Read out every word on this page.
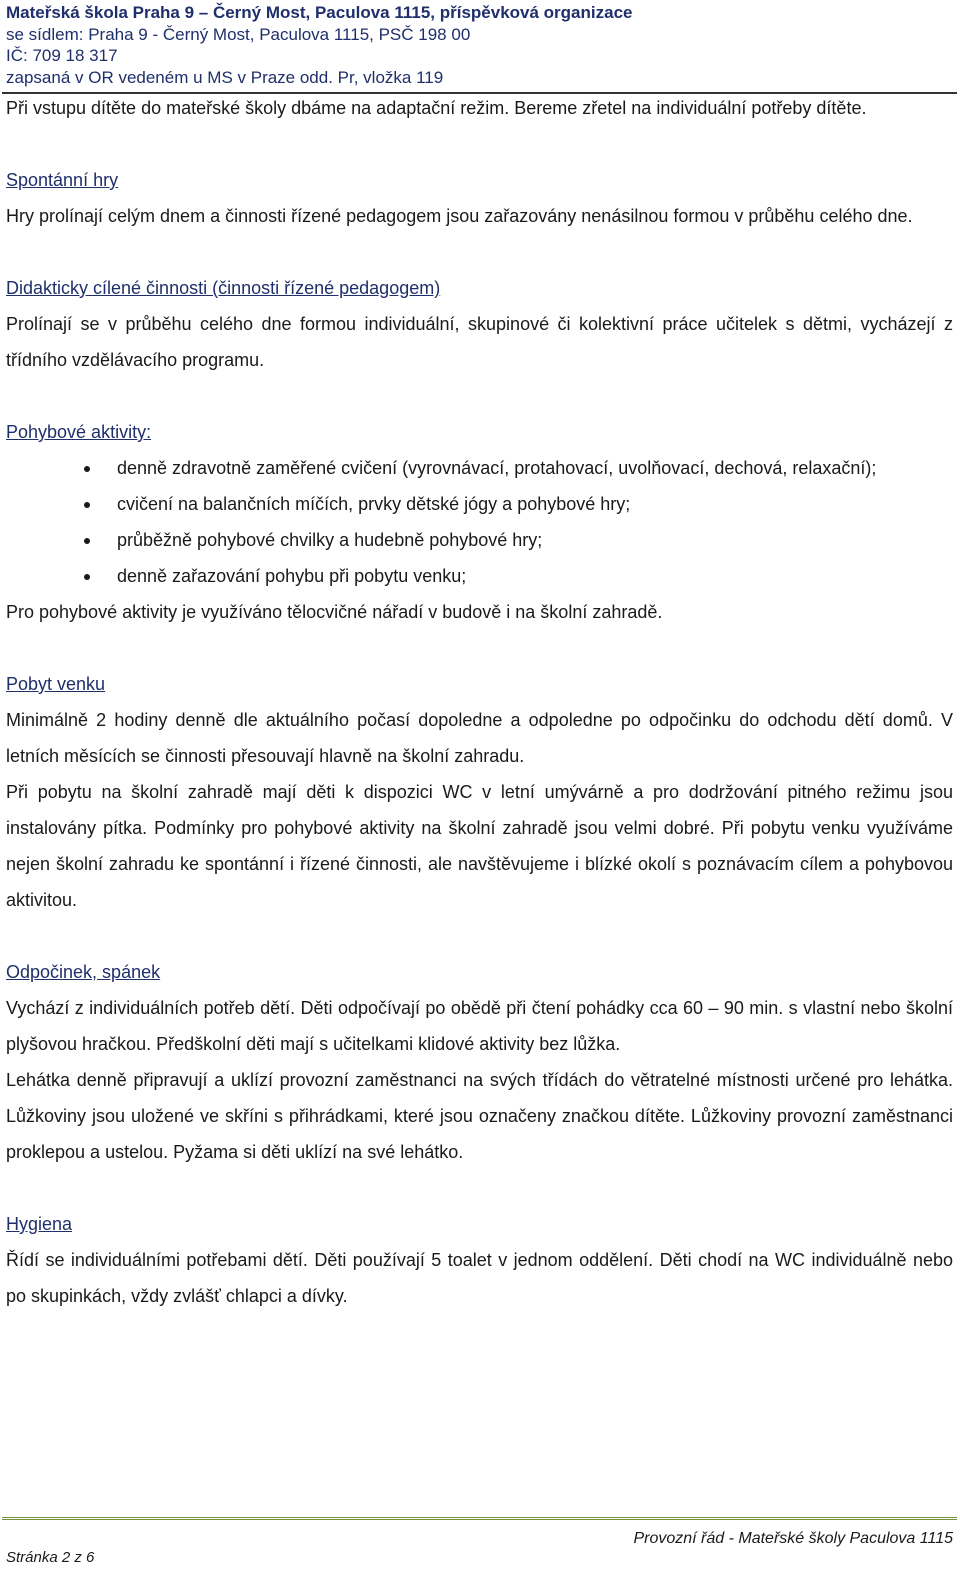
Mateřská škola Praha 9 – Černý Most, Paculova 1115, příspěvková organizace
se sídlem: Praha 9 - Černý Most, Paculova 1115, PSČ 198 00
IČ: 709 18 317
zapsaná v OR vedeném u MS v Praze odd. Pr, vložka 119

Při vstupu dítěte do mateřské školy dbáme na adaptační režim. Bereme zřetel na individuální potřeby dítěte.

Spontánní hry

Hry prolínají celým dnem a činnosti řízené pedagogem jsou zařazovány nenásilnou formou v průběhu celého dne.

Didakticky cílené činnosti (činnosti řízené pedagogem)

Prolínají se v průběhu celého dne formou individuální, skupinové či kolektivní práce učitelek s dětmi, vycházejí z třídního vzdělávacího programu.

Pohybové aktivity:
denně zdravotně zaměřené cvičení (vyrovnávací, protahovací, uvolňovací, dechová, relaxační);
cvičení na balančních míčích, prvky dětské jógy a pohybové hry;
průběžně pohybové chvilky a hudebně pohybové hry;
denně zařazování pohybu při pobytu venku;

Pro pohybové aktivity je využíváno tělocvičné nářadí v budově i na školní zahradě.

Pobyt venku

Minimálně 2 hodiny denně dle aktuálního počasí dopoledne a odpoledne po odpočinku do odchodu dětí domů. V letních měsících se činnosti přesouvají hlavně na školní zahradu.

Při pobytu na školní zahradě mají děti k dispozici WC v letní umývárně a pro dodržování pitného režimu jsou instalovány pítka. Podmínky pro pohybové aktivity na školní zahradě jsou velmi dobré. Při pobytu venku využíváme nejen školní zahradu ke spontánní i řízené činnosti, ale navštěvujeme i blízké okolí s poznávacím cílem a pohybovou aktivitou.

Odpočinek, spánek

Vychází z individuálních potřeb dětí. Děti odpočívají po obědě při čtení pohádky cca 60 – 90 min. s vlastní nebo školní plyšovou hračkou. Předškolní děti mají s učitelkami klidové aktivity bez lůžka.

Lehátka denně připravují a uklízí provozní zaměstnanci na svých třídách do větratelné místnosti určené pro lehátka. Lůžkoviny jsou uložené ve skříni s přihrádkami, které jsou označeny značkou dítěte. Lůžkoviny provozní zaměstnanci proklepou a ustelou. Pyžama si děti uklízí na své lehátko.

Hygiena

Řídí se individuálními potřebami dětí. Děti používají 5 toalet v jednom oddělení. Děti chodí na WC individuálně nebo po skupinkách, vždy zvlášť chlapci a dívky.

Provozní řád - Mateřské školy Paculova 1115
Stránka 2 z 6
